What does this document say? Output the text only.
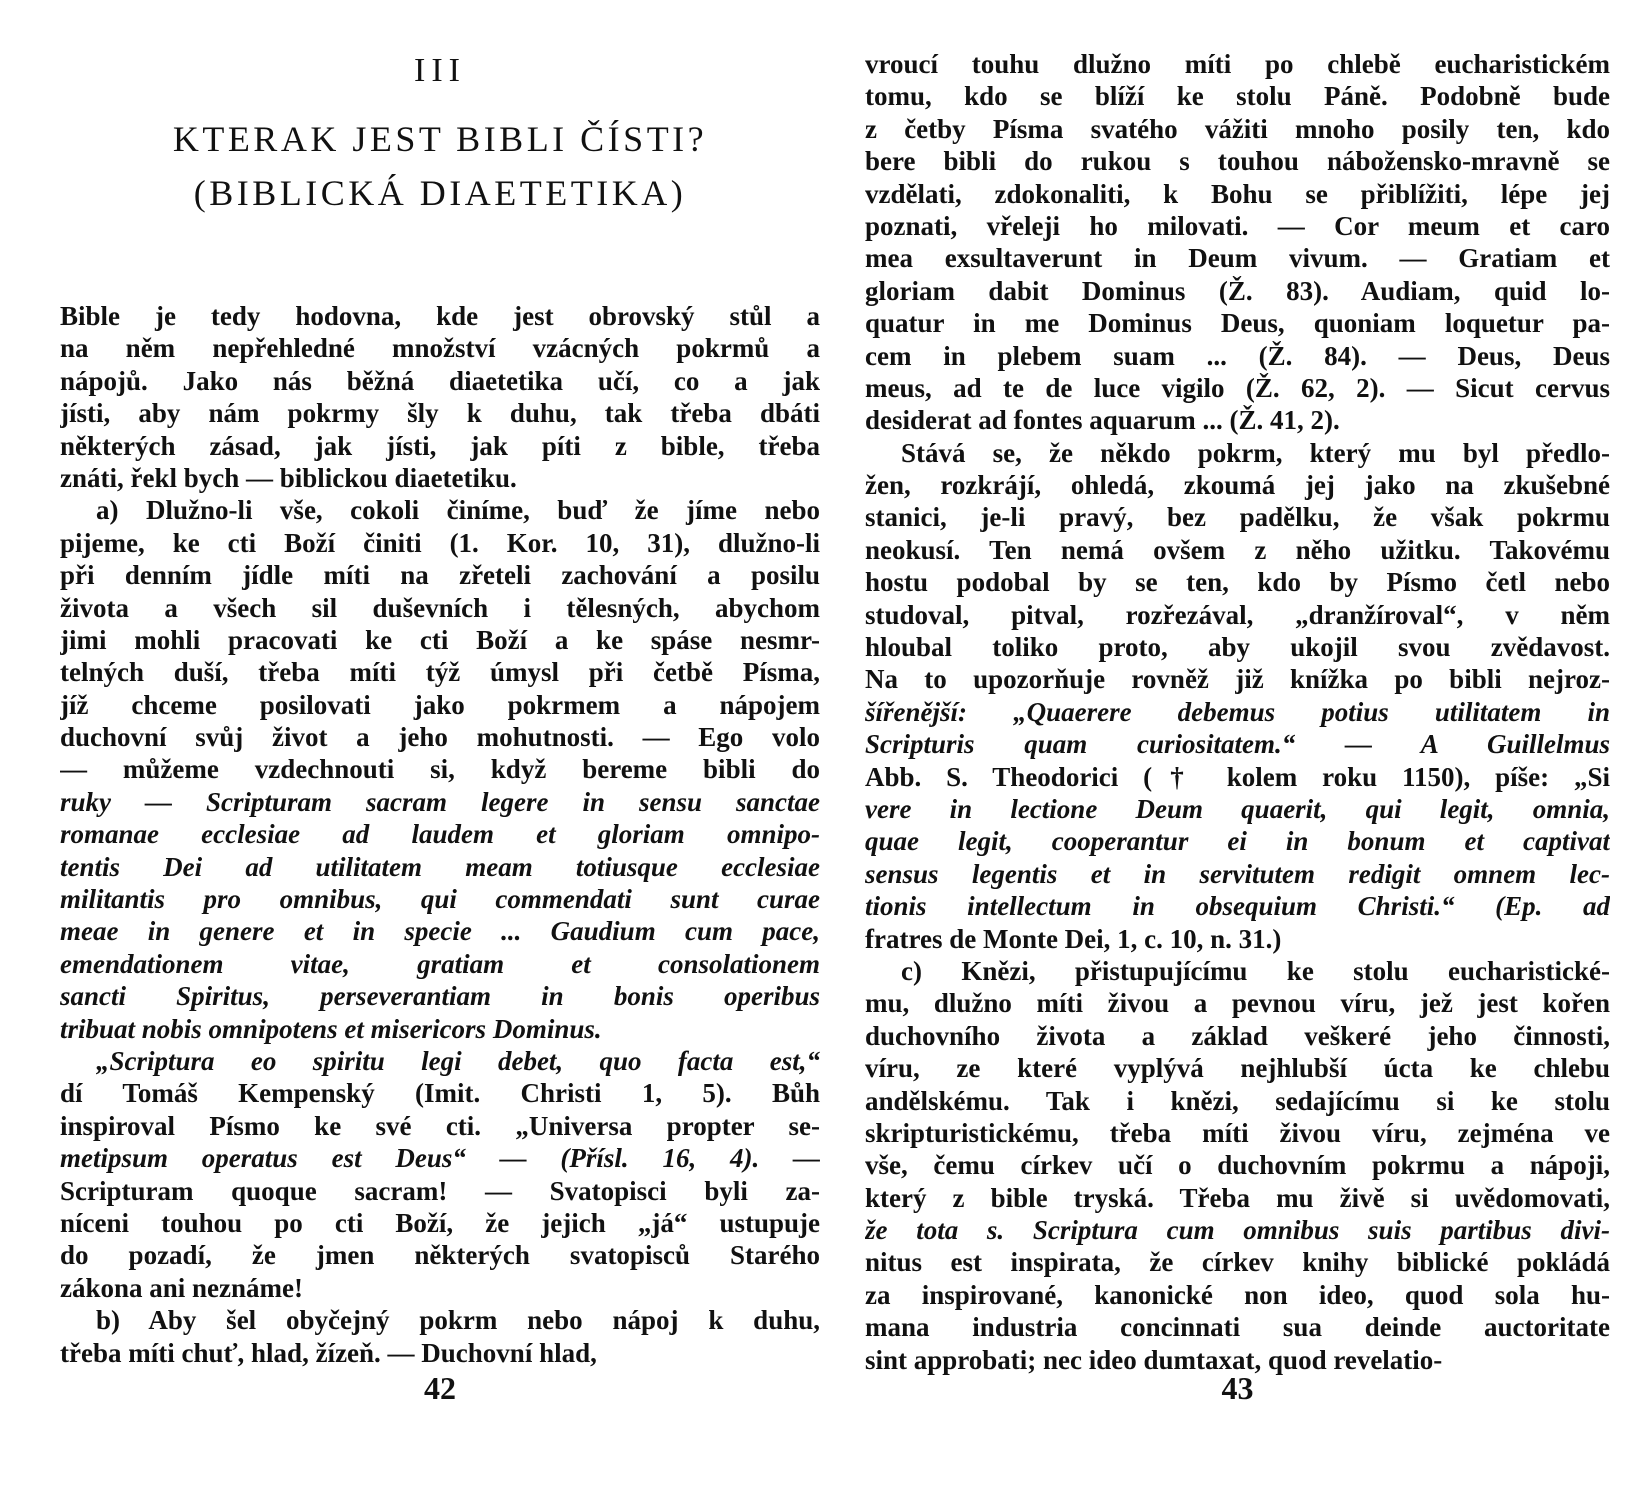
III
KTERAK JEST BIBLI ČÍSTI?
(BIBLICKÁ DIAETETIKA)
Bible je tedy hodovna, kde jest obrovský stůl a
na něm nepřehledné množství vzácných pokrmů a
nápojů. Jako nás běžná diaetetika učí, co a jak
jísti, aby nám pokrmy šly k duhu, tak třeba dbáti
některých zásad, jak jísti, jak píti z bible, třeba
znáti, řekl bych — biblickou diaetetiku.
a) Dlužno-li vše, cokoli činíme, buď že jíme nebo
pijeme, ke cti Boží činiti (1. Kor. 10, 31), dlužno-li
při denním jídle míti na zřeteli zachování a posilu
života a všech sil duševních i tělesných, abychom
jimi mohli pracovati ke cti Boží a ke spáse nesmr-
telných duší, třeba míti týž úmysl při četbě Písma,
jíž chceme posilovati jako pokrmem a nápojem
duchovní svůj život a jeho mohutnosti. — Ego volo
— můžeme vzdechnouti si, když bereme bibli do
ruky — Scripturam sacram legere in sensu sanctae
romanae ecclesiae ad laudem et gloriam omnipo-
tentis Dei ad utilitatem meam totiusque ecclesiae
militantis pro omnibus, qui commendati sunt curae
meae in genere et in specie ... Gaudium cum pace,
emendationem vitae, gratiam et consolationem
sancti Spiritus, perseverantiam in bonis operibus
tribuat nobis omnipotens et misericors Dominus.
„Scriptura eo spiritu legi debet, quo facta est,“
dí Tomáš Kempenský (Imit. Christi 1, 5). Bůh
inspiroval Písmo ke své cti. „Universa propter se-
metipsum operatus est Deus“ — (Přísl. 16, 4). —
Scripturam quoque sacram! — Svatopisci byli za-
níceni touhou po cti Boží, že jejich „já“ ustupuje
do pozadí, že jmen některých svatopisců Starého
zákona ani neznáme!
b) Aby šel obyčejný pokrm nebo nápoj k duhu,
třeba míti chuť, hlad, žízeň. — Duchovní hlad,
42
vroucí touhu dlužno míti po chlebě eucharistickém
tomu, kdo se blíží ke stolu Páně. Podobně bude
z četby Písma svatého vážiti mnoho posily ten, kdo
bere bibli do rukou s touhou nábožensko-mravně se
vzdělati, zdokonaliti, k Bohu se přiblížiti, lépe jej
poznati, vřeleji ho milovati. — Cor meum et caro
mea exsultaverunt in Deum vivum. — Gratiam et
gloriam dabit Dominus (Ž. 83). Audiam, quid lo-
quatur in me Dominus Deus, quoniam loquetur pa-
cem in plebem suam ... (Ž. 84). — Deus, Deus
meus, ad te de luce vigilo (Ž. 62, 2). — Sicut cervus
desiderat ad fontes aquarum ... (Ž. 41, 2).
Stává se, že někdo pokrm, který mu byl předlo-
žen, rozkrájí, ohledá, zkoumá jej jako na zkušebné
stanici, je-li pravý, bez padělku, že však pokrmu
neokusí. Ten nemá ovšem z něho užitku. Takovému
hostu podobal by se ten, kdo by Písmo četl nebo
studoval, pitval, rozřezával, „dranžíroval“, v něm
hloubal toliko proto, aby ukojil svou zvědavost.
Na to upozorňuje rovněž již knížka po bibli nejroz-
šířenější: „Quaerere debemus potius utilitatem in
Scripturis quam curiositatem.“ — A Guillelmus
Abb. S. Theodorici († kolem roku 1150), píše: „Si
vere in lectione Deum quaerit, qui legit, omnia,
quae legit, cooperantur ei in bonum et captivat
sensus legentis et in servitutem redigit omnem lec-
tionis intellectum in obsequium Christi.“ (Ep. ad
fratres de Monte Dei, 1, c. 10, n. 31.)
c) Knězi, přistupujícímu ke stolu eucharistické-
mu, dlužno míti živou a pevnou víru, jež jest kořen
duchovního života a základ veškeré jeho činnosti,
víru, ze které vyplývá nejhlubší úcta ke chlebu
andělskému. Tak i knězi, sedajícímu si ke stolu
skripturistickému, třeba míti živou víru, zejména ve
vše, čemu církev učí o duchovním pokrmu a nápoji,
který z bible tryská. Třeba mu živě si uvědomovati,
že tota s. Scriptura cum omnibus suis partibus divi-
nitus est inspirata, že církev knihy biblické pokládá
za inspirované, kanonické non ideo, quod sola hu-
mana industria concinnati sua deinde auctoritate
sint approbati; nec ideo dumtaxat, quod revelatio-
43
